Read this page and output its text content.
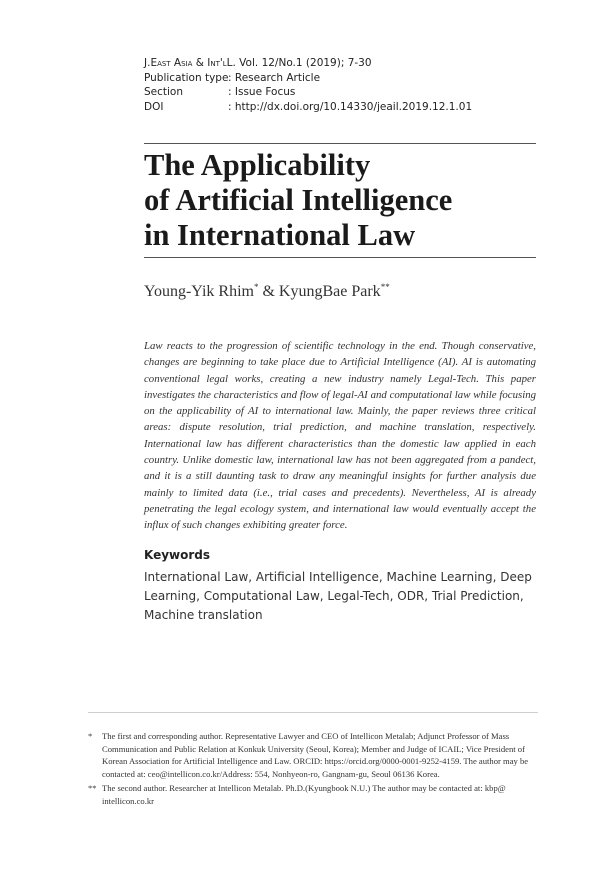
J. East Asia & Int'l L. Vol. 12/No.1 (2019); 7-30
Publication type : Research Article
Section	: Issue Focus
DOI	: http://dx.doi.org/10.14330/jeail.2019.12.1.01
The Applicability
of Artificial Intelligence
in International Law
Young-Yik Rhim* & KyungBae Park**

Law reacts to the progression of scientific technology in the end. Though conservative, changes are beginning to take place due to Artificial Intelligence (AI). AI is automating conventional legal works, creating a new industry namely Legal-Tech. This paper investigates the characteristics and flow of legal-AI and computational law while focusing on the applicability of AI to international law. Mainly, the paper reviews three critical areas: dispute resolution, trial prediction, and machine translation, respectively. International law has different characteristics than the domestic law applied in each country. Unlike domestic law, international law has not been aggregated from a pandect, and it is a still daunting task to draw any meaningful insights for further analysis due mainly to limited data (i.e., trial cases and precedents). Nevertheless, AI is already penetrating the legal ecology system, and international law would eventually accept the influx of such changes exhibiting greater force.

Keywords
International Law, Artificial Intelligence, Machine Learning, Deep Learning, Computational Law, Legal-Tech, ODR, Trial Prediction, Machine translation
*	The first and corresponding author. Representative Lawyer and CEO of Intellicon Metalab; Adjunct Professor of Mass Communication and Public Relation at Konkuk University (Seoul, Korea); Member and Judge of ICAIL; Vice President of Korean Association for Artificial Intelligence and Law. ORCID: https://orcid.org/0000-0001-9252-4159. The author may be contacted at: ceo@intellicon.co.kr/Address: 554, Nonhyeon-ro, Gangnam-gu, Seoul 06136 Korea.
** The second author. Researcher at Intellicon Metalab. Ph.D.(Kyungbook N.U.) The author may be contacted at: kbp@ intellicon.co.kr
